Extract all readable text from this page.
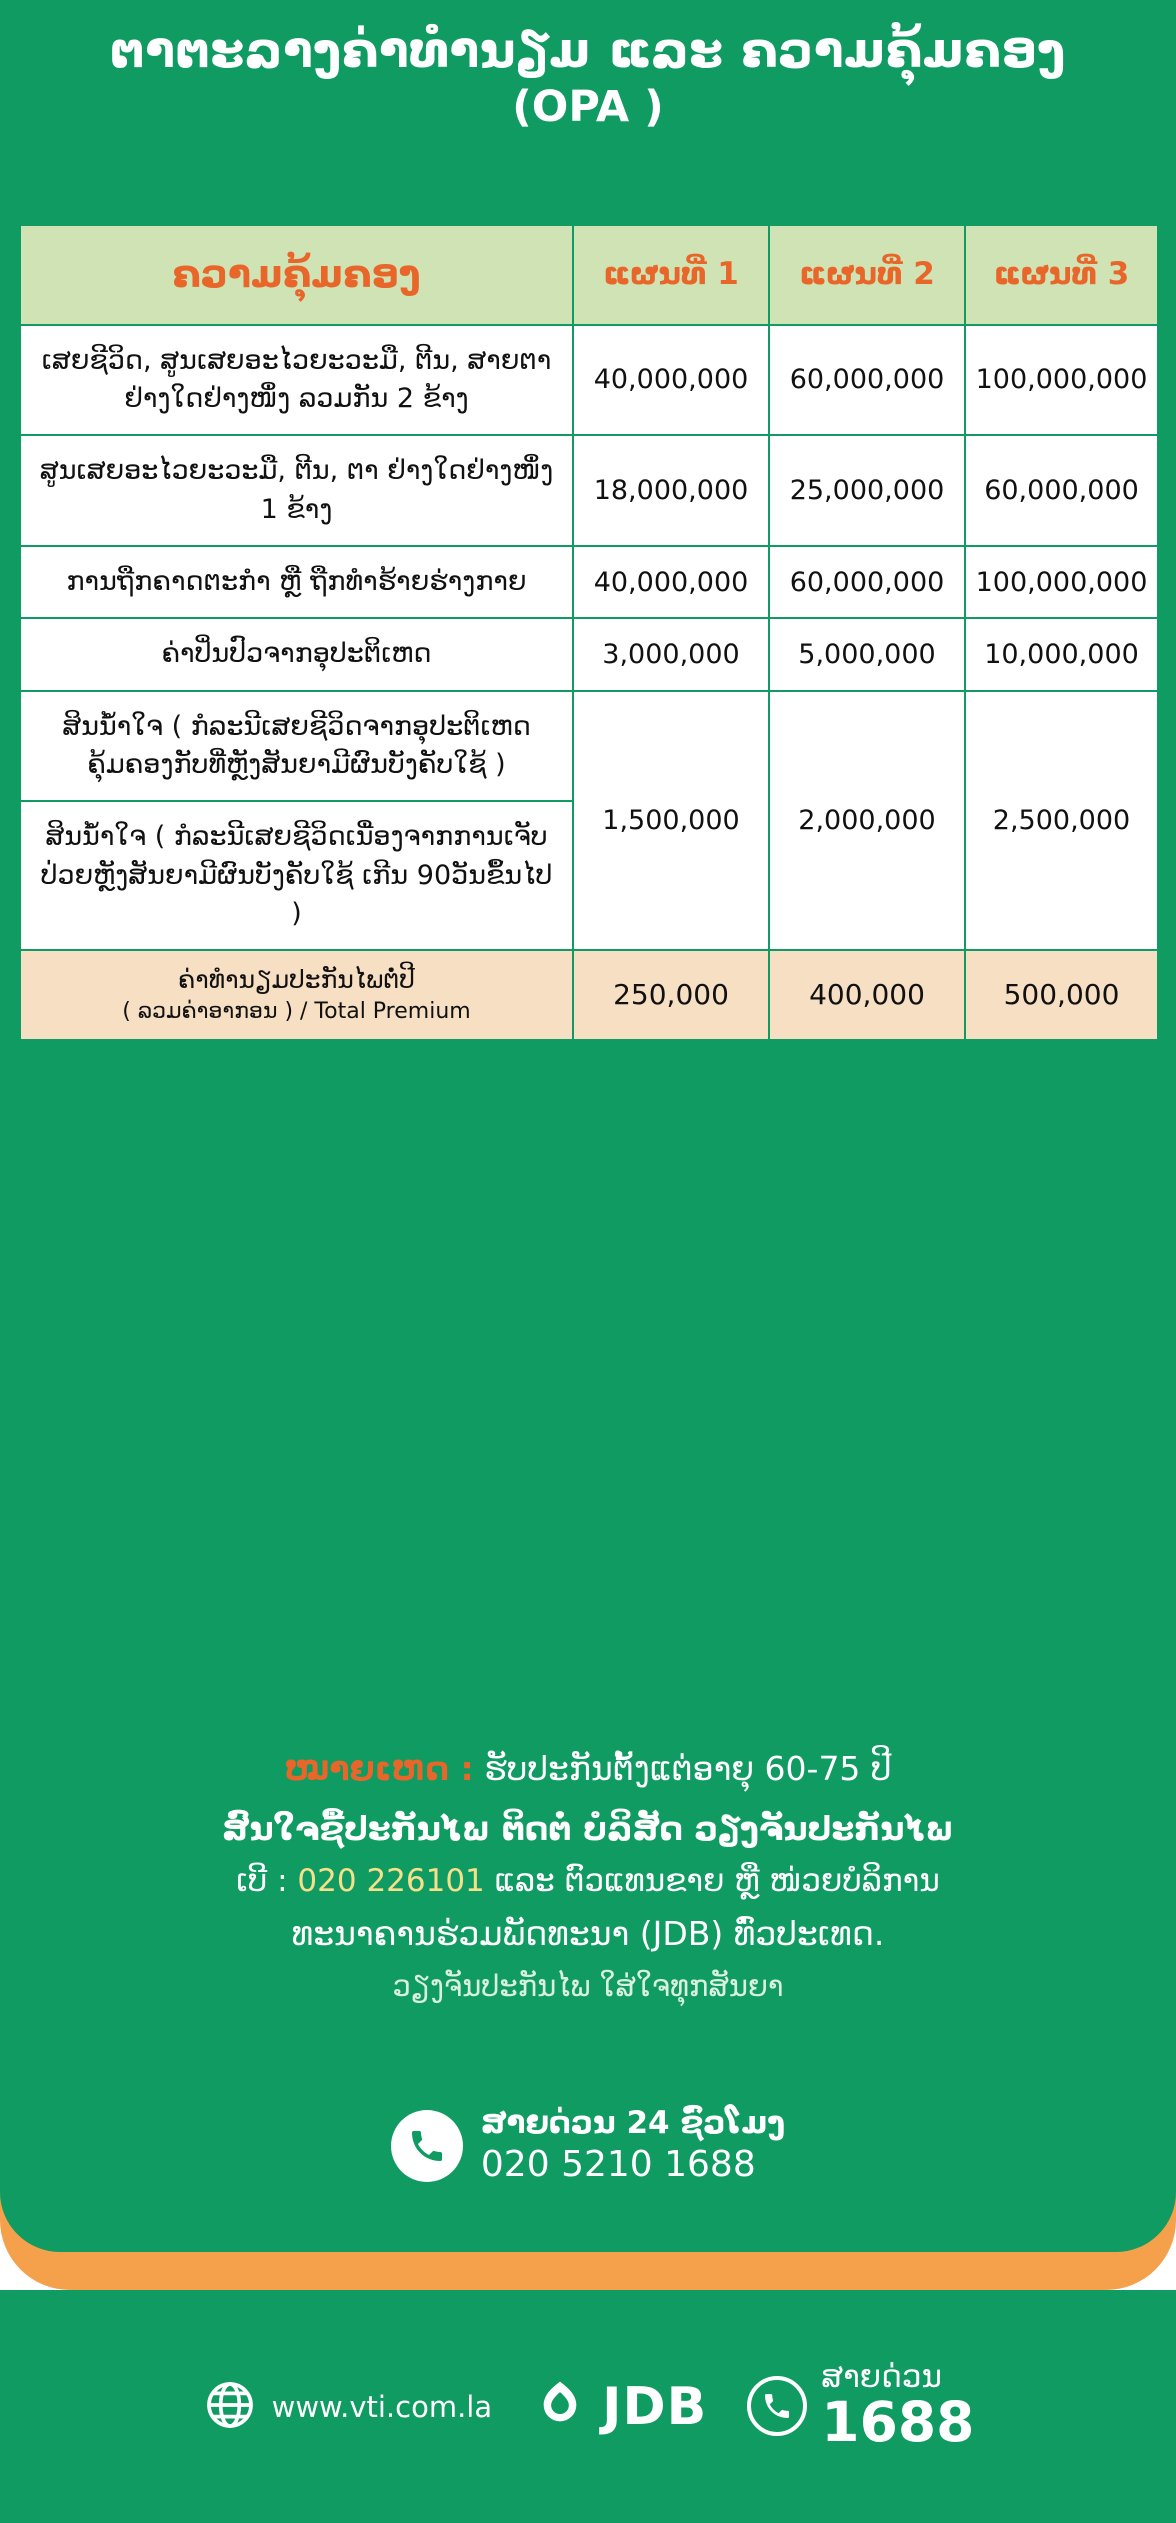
ຕາຕະລາງຄ່າທຳນຽມ ແລະ ຄວາມຄຸ້ມຄອງ
(OPA )
ຄວາມຄຸ້ມຄອງ	ແຜນທີ່ 1	ແຜນທີ່ 2	ແຜນທີ່ 3
ເສຍຊີວິດ, ສູນເສຍອະໄວຍະວະມື, ຕີນ, ສາຍຕາຢ່າງໃດຢ່າງໜຶ່ງ ລວມກັນ 2 ຂ້າງ	40,000,000	60,000,000	100,000,000
ສູນເສຍອະໄວຍະວະມື, ຕີນ, ຕາ ຢ່າງໃດຢ່າງໜຶ່ງ 1 ຂ້າງ	18,000,000	25,000,000	60,000,000
ການຖືກຄາດຕະກຳ ຫຼື ຖືກທຳຮ້າຍຮ່າງກາຍ	40,000,000	60,000,000	100,000,000
ຄ່າປິ່ນປົວຈາກອຸປະຕິເຫດ	3,000,000	5,000,000	10,000,000
ສິນນ້ຳໃຈ ( ກໍລະນີເສຍຊີວິດຈາກອຸປະຕິເຫດຄຸ້ມຄອງກັບທີ່ຫຼັງສັນຍາມີຜົນບັງຄັບໃຊ້ )	1,500,000	2,000,000	2,500,000
ສິນນ້ຳໃຈ ( ກໍລະນີເສຍຊີວິດເນື່ອງຈາກການເຈັບປ່ວຍຫຼັງສັນຍາມີຜົນບັງຄັບໃຊ້ ເກີນ 90ວັນຂຶ້ນໄປ )			

ຄ່າທຳນຽມປະກັນໄພຕໍ່ປີ
( ລວມຄ່າອາກອນ ) / Total Premium	250,000	400,000	500,000
ໝາຍເຫດ : ຮັບປະກັນຕັ້ງແຕ່ອາຍຸ 60-75 ປີ
ສົນໃຈຊື້ປະກັນໄພ ຕິດຕໍ່ ບໍລິສັດ ວຽງຈັນປະກັນໄພ
ເບີ : 020 226101 ແລະ ຕົວແທນຂາຍ ຫຼື ໜ່ວຍບໍລິການ
ທະນາຄານຮ່ວມພັດທະນາ (JDB) ທົ່ວປະເທດ.
ວຽງຈັນປະກັນໄພ ໃສ່ໃຈທຸກສັນຍາ
ສາຍດ່ວນ 24 ຊົ່ວໂມງ
020 5210 1688
www.vti.com.la JDB	ສາຍດ່ວນ
1688
